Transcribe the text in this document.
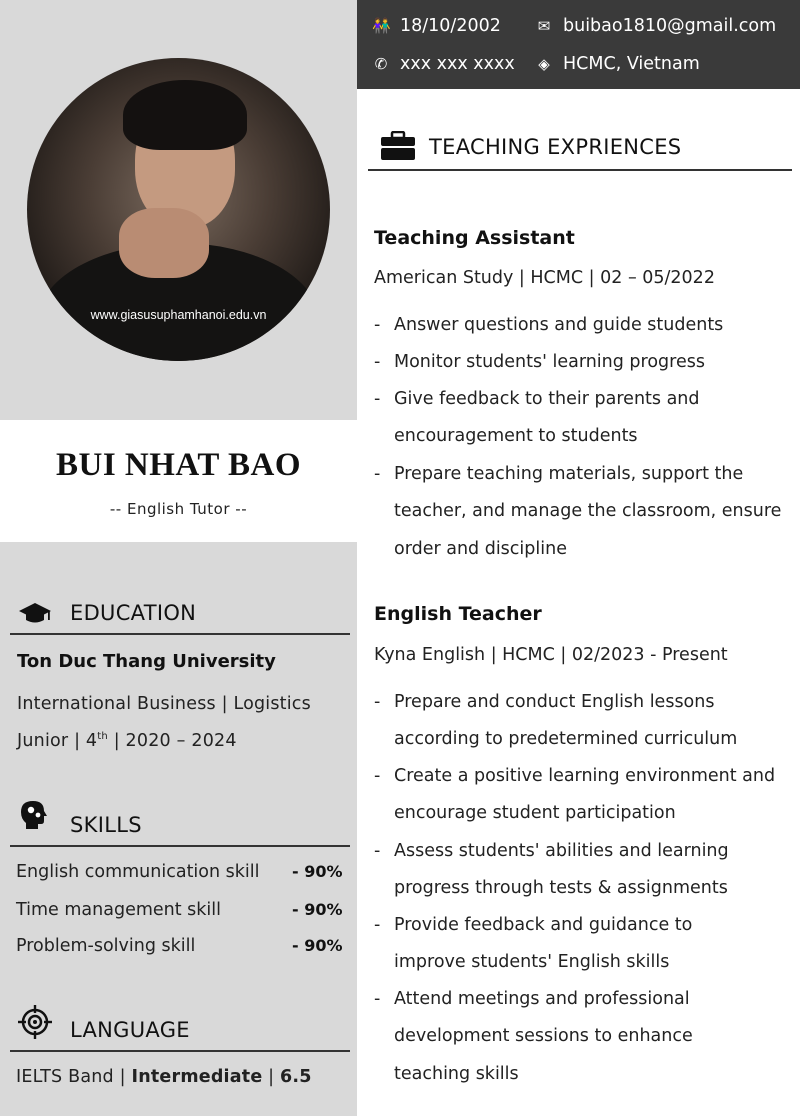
www.giasusuphamhanoi.edu.vn
BUI NHAT BAO
-- English Tutor --
EDUCATION
Ton Duc Thang University
International Business | Logistics
Junior | 4th | 2020 – 2024
SKILLS
English communication skill - 90%
Time management skill	- 90%
Problem-solving skill	- 90%
LANGUAGE
IELTS Band | Intermediate | 6.5
👫 18/10/2002 ✉ buibao1810@gmail.com
✆ xxx xxx xxxx ◈ HCMC, Vietnam
TEACHING EXPRIENCES
Teaching Assistant
American Study | HCMC | 02 – 05/2022
- Answer questions and guide students
- Monitor students' learning progress
- Give feedback to their parents and encouragement to students
- Prepare teaching materials, support the teacher, and manage the classroom, ensure order and discipline
English Teacher
Kyna English | HCMC | 02/2023 - Present
- Prepare and conduct English lessons according to predetermined curriculum
- Create a positive learning environment and encourage student participation
- Assess students' abilities and learning progress through tests & assignments
- Provide feedback and guidance to improve students' English skills
- Attend meetings and professional development sessions to enhance teaching skills
